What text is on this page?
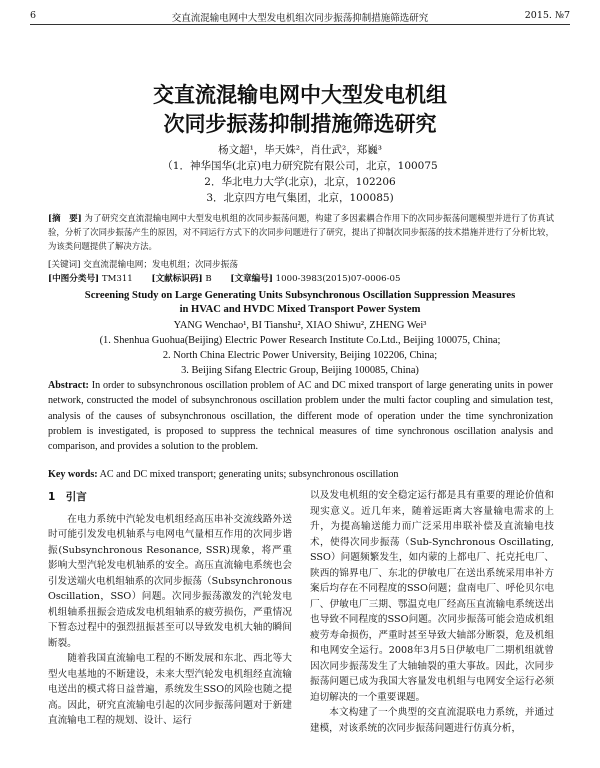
6	交直流混输电网中大型发电机组次同步振荡抑制措施筛选研究	2015. №7
交直流混输电网中大型发电机组
次同步振荡抑制措施筛选研究
杨文超¹，毕天姝²，肖仕武²，郑巍³
（1．神华国华(北京)电力研究院有限公司，北京，100075
2．华北电力大学(北京)，北京，102206
3．北京四方电气集团，北京，100085)
[摘　要] 为了研究交直流混输电网中大型发电机组的次同步振荡问题，构建了多因素耦合作用下的次同步振荡问题模型并进行了仿真试验，分析了次同步振荡产生的原因，对不同运行方式下的次同步问题进行了研究，提出了抑制次同步振荡的技术措施并进行了分析比较，为该类问题提供了解决方法。
[关键词] 交直流混输电网；发电机组；次同步振荡
[中图分类号] TM311 [文献标识码] B [文章编号] 1000-3983(2015)07-0006-05
Screening Study on Large Generating Units Subsynchronous Oscillation Suppression Measures
in HVAC and HVDC Mixed Transport Power System
YANG Wenchao¹, BI Tianshu², XIAO Shiwu², ZHENG Wei³
(1. Shenhua Guohua(Beijing) Electric Power Research Institute Co.Ltd., Beijing 100075, China;
2. North China Electric Power University, Beijing 102206, China;
3. Beijing Sifang Electric Group, Beijing 100085, China)
Abstract: In order to subsynchronous oscillation problem of AC and DC mixed transport of large generating units in power network, constructed the model of subsynchronous oscillation problem under the multi factor coupling and simulation test, analysis of the causes of subsynchronous oscillation, the different mode of operation under the time synchronization problem is investigated, is proposed to suppress the technical measures of time synchronous oscillation analysis and comparison, and provides a solution to the problem.
Key words: AC and DC mixed transport; generating units; subsynchronous oscillation
1　引言

在电力系统中汽轮发电机组经高压串补交流线路外送时可能引发发电机轴系与电网电气量相互作用的次同步谐振(Subsynchronous Resonance, SSR)现象，将严重影响大型汽轮发电机轴系的安全。高压直流输电系统也会引发送端火电机组轴系的次同步振荡（Subsynchronous Oscillation，SSO）问题。次同步振荡激发的汽轮发电机组轴系扭振会造成发电机组轴系的疲劳损伤，严重情况下暂态过程中的强烈扭振甚至可以导致发电机大轴的瞬间断裂。

随着我国直流输电工程的不断发展和东北、西北等大型火电基地的不断建设，未来大型汽轮发电机组经直流输电送出的模式将日益普遍，系统发生SSO的风险也随之提高。因此，研究直流输电引起的次同步振荡问题对于新建直流输电工程的规划、设计、运行

以及发电机组的安全稳定运行都是具有重要的理论价值和现实意义。近几年来，随着远距离大容量输电需求的上升，为提高输送能力而广泛采用串联补偿及直流输电技术，使得次同步振荡（Sub-Synchronous Oscillating, SSO）问题频繁发生，如内蒙的上都电厂、托克托电厂、陕西的锦界电厂、东北的伊敏电厂在送出系统采用串补方案后均存在不同程度的SSO问题；盘南电厂、呼伦贝尔电厂、伊敏电厂三期、鄂温克电厂经高压直流输电系统送出也导致不同程度的SSO问题。次同步振荡可能会造成机组疲劳寿命损伤，严重时甚至导致大轴部分断裂，危及机组和电网安全运行。2008年3月5日伊敏电厂二期机组就曾因次同步振荡发生了大轴轴裂的重大事故。因此，次同步振荡问题已成为我国大容量发电机组与电网安全运行必须迫切解决的一个重要课题。

本文构建了一个典型的交直流混联电力系统，并通过建模，对该系统的次同步振荡问题进行仿真分析，
